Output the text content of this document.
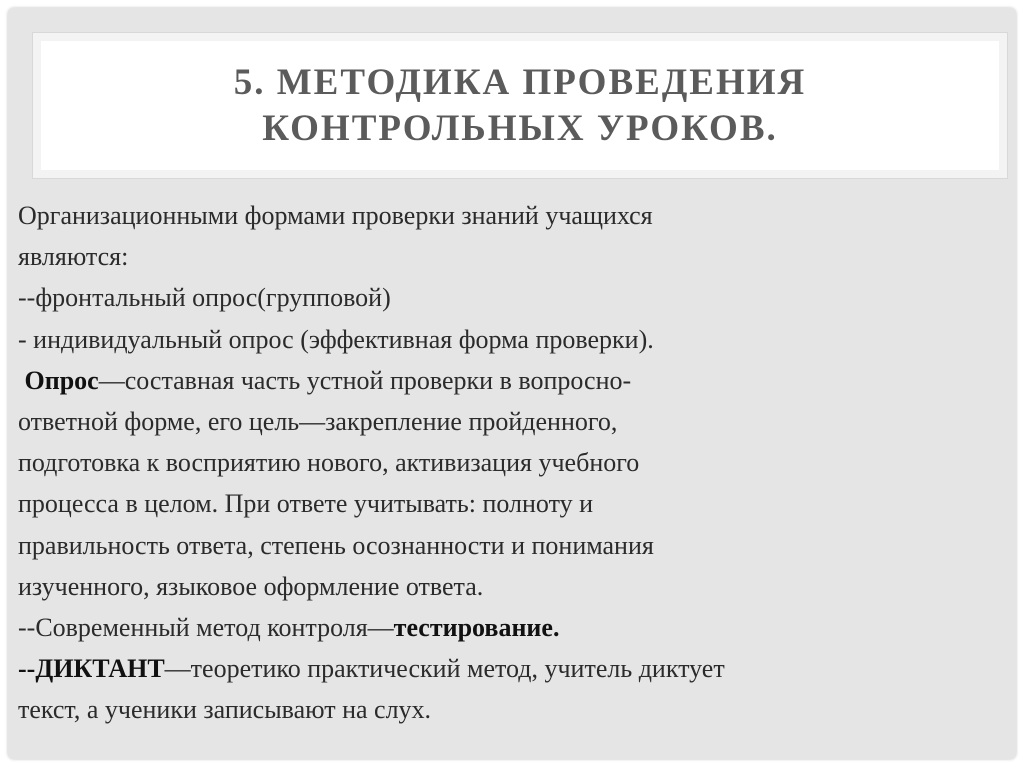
5. МЕТОДИКА ПРОВЕДЕНИЯ
КОНТРОЛЬНЫХ УРОКОВ.
Организационными формами проверки знаний учащихся
являются:
--фронтальный опрос(групповой)
- индивидуальный опрос (эффективная форма проверки).
Опрос—составная часть устной проверки в вопросно-
ответной форме, его цель—закрепление пройденного,
подготовка к восприятию нового, активизация учебного
процесса в целом. При ответе учитывать: полноту и
правильность ответа, степень осознанности и понимания
изученного, языковое оформление ответа.
--Современный метод контроля—тестирование.
--ДИКТАНТ—теоретико практический метод, учитель диктует
текст, а ученики записывают на слух.
